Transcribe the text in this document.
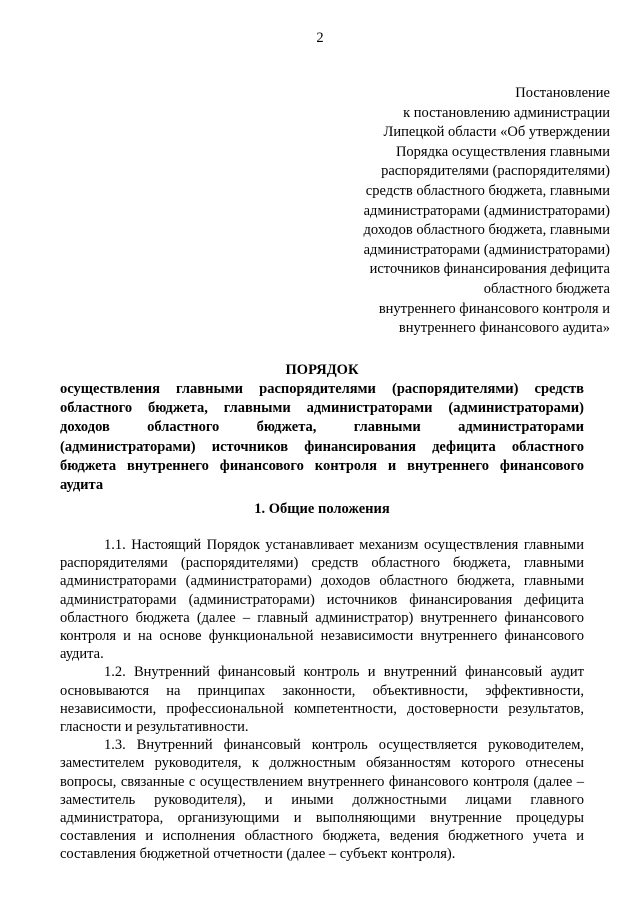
2
Постановление
к постановлению администрации
Липецкой области «Об утверждении
Порядка осуществления главными
распорядителями (распорядителями)
средств областного бюджета, главными
администраторами (администраторами)
доходов областного бюджета, главными
администраторами (администраторами)
источников финансирования дефицита
областного бюджета
внутреннего финансового контроля и
внутреннего финансового аудита»
ПОРЯДОК

осуществления главными распорядителями (распорядителями) средств областного бюджета, главными администраторами (администраторами) доходов областного бюджета, главными администраторами (администраторами) источников финансирования дефицита областного бюджета внутреннего финансового контроля и внутреннего финансового аудита

1. Общие положения

1.1. Настоящий Порядок устанавливает механизм осуществления главными распорядителями (распорядителями) средств областного бюджета, главными администраторами (администраторами) доходов областного бюджета, главными администраторами (администраторами) источников финансирования дефицита областного бюджета (далее – главный администратор) внутреннего финансового контроля и на основе функциональной независимости внутреннего финансового аудита.

1.2. Внутренний финансовый контроль и внутренний финансовый аудит основываются на принципах законности, объективности, эффективности, независимости, профессиональной компетентности, достоверности результатов, гласности и результативности.

1.3. Внутренний финансовый контроль осуществляется руководителем, заместителем руководителя, к должностным обязанностям которого отнесены вопросы, связанные с осуществлением внутреннего финансового контроля (далее – заместитель руководителя), и иными должностными лицами главного администратора, организующими и выполняющими внутренние процедуры составления и исполнения областного бюджета, ведения бюджетного учета и составления бюджетной отчетности (далее – субъект контроля).
